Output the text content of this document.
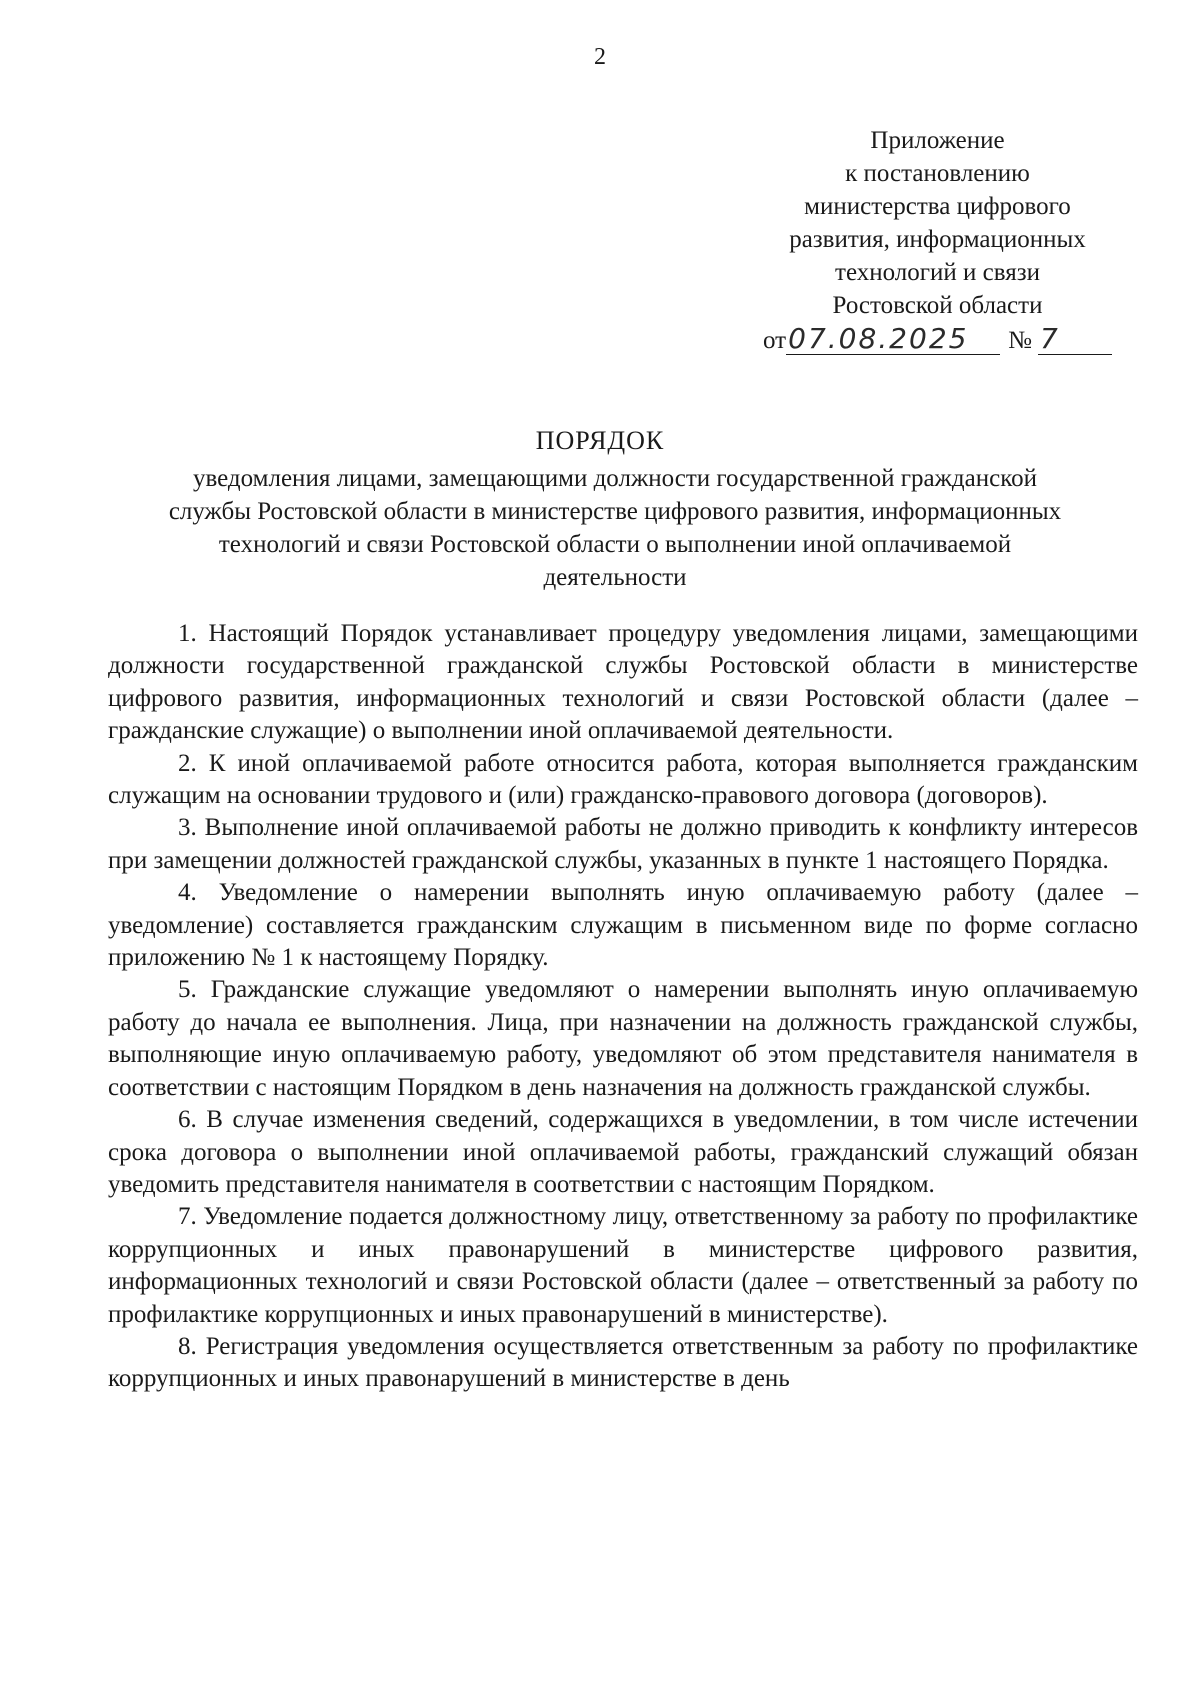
2
Приложение
к постановлению
министерства цифрового
развития, информационных
технологий и связи
Ростовской области
от 07.08.2025	№ 7
ПОРЯДОК
уведомления лицами, замещающими должности государственной гражданской
службы Ростовской области в министерстве цифрового развития, информационных
технологий и связи Ростовской области о выполнении иной оплачиваемой
деятельности

1. Настоящий Порядок устанавливает процедуру уведомления лицами, замещающими должности государственной гражданской службы Ростовской области в министерстве цифрового развития, информационных технологий и связи Ростовской области (далее – гражданские служащие) о выполнении иной оплачиваемой деятельности.

2. К иной оплачиваемой работе относится работа, которая выполняется гражданским служащим на основании трудового и (или) гражданско-правового договора (договоров).

3. Выполнение иной оплачиваемой работы не должно приводить к конфликту интересов при замещении должностей гражданской службы, указанных в пункте 1 настоящего Порядка.

4. Уведомление о намерении выполнять иную оплачиваемую работу (далее – уведомление) составляется гражданским служащим в письменном виде по форме согласно приложению № 1 к настоящему Порядку.

5. Гражданские служащие уведомляют о намерении выполнять иную оплачиваемую работу до начала ее выполнения. Лица, при назначении на должность гражданской службы, выполняющие иную оплачиваемую работу, уведомляют об этом представителя нанимателя в соответствии с настоящим Порядком в день назначения на должность гражданской службы.

6. В случае изменения сведений, содержащихся в уведомлении, в том числе истечении срока договора о выполнении иной оплачиваемой работы, гражданский служащий обязан уведомить представителя нанимателя в соответствии с настоящим Порядком.

7. Уведомление подается должностному лицу, ответственному за работу по профилактике коррупционных и иных правонарушений в министерстве цифрового развития, информационных технологий и связи Ростовской области (далее – ответственный за работу по профилактике коррупционных и иных правонарушений в министерстве).

8. Регистрация уведомления осуществляется ответственным за работу по профилактике коррупционных и иных правонарушений в министерстве в день
